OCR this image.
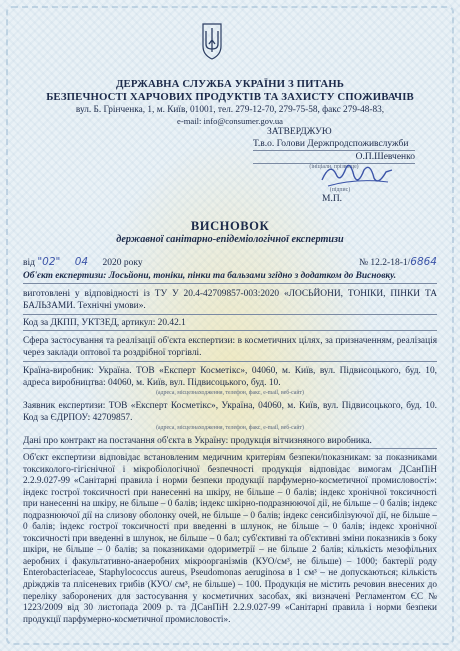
ДЕРЖАВНА СЛУЖБА УКРАЇНИ З ПИТАНЬ
БЕЗПЕЧНОСТІ ХАРЧОВИХ ПРОДУКТІВ ТА ЗАХИСТУ СПОЖИВАЧІВ
вул. Б. Грінченка, 1, м. Київ, 01001, тел. 279-12-70, 279-75-58, факс 279-48-83,
e-mail: info@consumer.gov.ua
ЗАТВЕРДЖУЮ
Т.в.о. Голови Держпродспоживслужби
О.П.Шевченко
(ініціали, прізвище)
(підпис)
М.П.
ВИСНОВОК
державної санітарно-епідеміологічної експертизи
від "02" 04 2020 року	№ 12.2-18-1/6864
Об'єкт експертизи: Лосьйони, тоніки, пінки та бальзами згідно з додатком до Висновку.
виготовлені у відповідності із ТУ У 20.4-42709857-003:2020 «ЛОСЬЙОНИ, ТОНІКИ, ПІНКИ ТА БАЛЬЗАМИ. Технічні умови».
Код за ДКПП, УКТЗЕД, артикул: 20.42.1
Сфера застосування та реалізації об'єкта експертизи: в косметичних цілях, за призначенням, реалізація через заклади оптової та роздрібної торгівлі.
Країна-виробник: Україна. ТОВ «Експерт Косметікс», 04060, м. Київ, вул. Підвисоцького, буд. 10, адреса виробництва: 04060, м. Київ, вул. Підвисоцького, буд. 10.
(адреса, місцезнаходження, телефон, факс, e-mail, веб-сайт)
Заявник експертизи: ТОВ «Експерт Косметікс», Україна, 04060, м. Київ, вул. Підвисоцького, буд. 10. Код за ЄДРПОУ: 42709857.
(адреса, місцезнаходження, телефон, факс, e-mail, веб-сайт)
Дані про контракт на постачання об'єкта в Україну: продукція вітчизняного виробника.
Об'єкт експертизи відповідає встановленим медичним критеріям безпеки/показникам: за показниками токсиколого-гігієнічної і мікробіологічної безпечності продукція відповідає вимогам ДСанПіН 2.2.9.027-99 «Санітарні правила і норми безпеки продукції парфумерно-косметичної промисловості»: індекс гострої токсичності при нанесенні на шкіру, не більше – 0 балів; індекс хронічної токсичності при нанесенні на шкіру, не більше – 0 балів; індекс шкірно-подразнюючої дії, не більше – 0 балів; індекс подразнюючої дії на слизову оболонку очей, не більше – 0 балів; індекс сенсибілізуючої дії, не більше – 0 балів; індекс гострої токсичності при введенні в шлунок, не більше – 0 балів; індекс хронічної токсичності при введенні в шлунок, не більше – 0 бал; суб'єктивні та об'єктивні зміни показників з боку шкіри, не більше – 0 балів; за показниками одориметрії – не більше 2 балів; кількість мезофільних аеробних і факультативно-анаеробних мікроорганізмів (КУО/см³, не більше) – 1000; бактерії роду Enterobacteriaceae, Staphylococcus aureus, Pseudomonas aeruginosa в 1 см³ – не допускаються; кількість дріжджів та плісеневих грибів (КУО/ см³, не більше) – 100. Продукція не містить речовин внесених до переліку заборонених для застосування у косметичних засобах, які визначені Регламентом ЄС № 1223/2009 від 30 листопада 2009 р. та ДСанПіН 2.2.9.027-99 «Санітарні правила і норми безпеки продукції парфумерно-косметичної промисловості».
